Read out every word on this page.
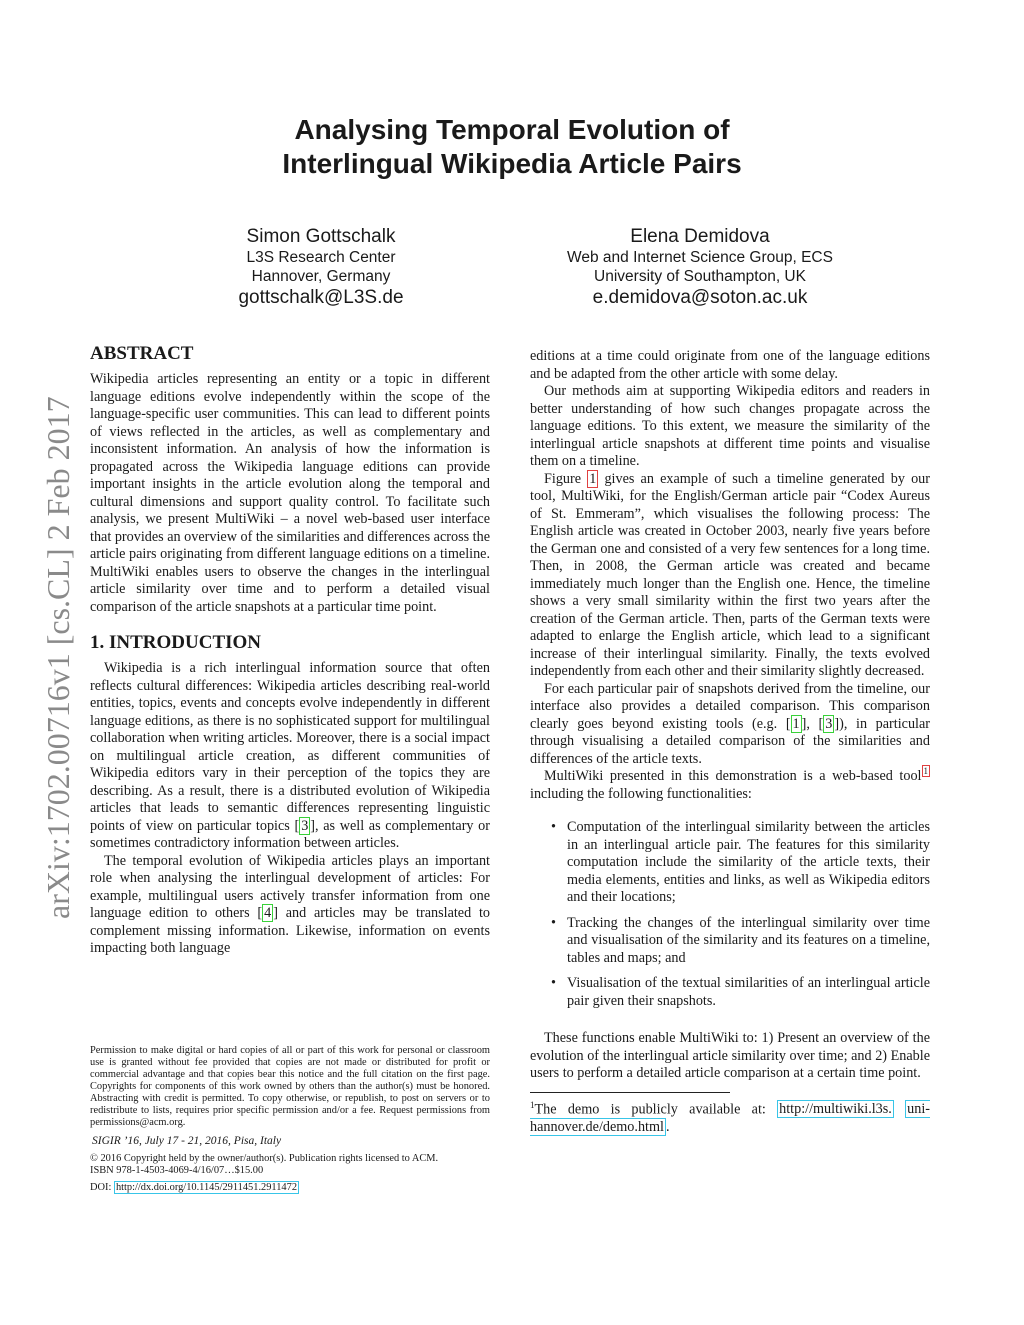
arXiv:1702.00716v1 [cs.CL] 2 Feb 2017
Analysing Temporal Evolution of
Interlingual Wikipedia Article Pairs
Simon Gottschalk
L3S Research Center
Hannover, Germany
gottschalk@L3S.de
Elena Demidova
Web and Internet Science Group, ECS
University of Southampton, UK
e.demidova@soton.ac.uk
ABSTRACT

Wikipedia articles representing an entity or a topic in different language editions evolve independently within the scope of the language-specific user communities. This can lead to different points of views reflected in the articles, as well as complementary and inconsistent information. An analysis of how the information is propagated across the Wikipedia language editions can provide important insights in the article evolution along the temporal and cultural dimensions and support quality control. To facilitate such analysis, we present MultiWiki – a novel web-based user interface that provides an overview of the similarities and differences across the article pairs originating from different language editions on a timeline. MultiWiki enables users to observe the changes in the interlingual article similarity over time and to perform a detailed visual comparison of the article snapshots at a particular time point.

1. INTRODUCTION

Wikipedia is a rich interlingual information source that often reflects cultural differences: Wikipedia articles describing real-world entities, topics, events and concepts evolve independently in different language editions, as there is no sophisticated support for multilingual collaboration when writing articles. Moreover, there is a social impact on multilingual article creation, as different communities of Wikipedia editors vary in their perception of the topics they are describing. As a result, there is a distributed evolution of Wikipedia articles that leads to semantic differences representing linguistic points of view on particular topics [ 3 ], as well as complementary or sometimes contradictory information between articles.

The temporal evolution of Wikipedia articles plays an important role when analysing the interlingual development of articles: For example, multilingual users actively transfer information from one language edition to others [ 4 ] and articles may be translated to complement missing information. Likewise, information on events impacting both language

Permission to make digital or hard copies of all or part of this work for personal or classroom use is granted without fee provided that copies are not made or distributed for profit or commercial advantage and that copies bear this notice and the full citation on the first page. Copyrights for components of this work owned by others than the author(s) must be honored. Abstracting with credit is permitted. To copy otherwise, or republish, to post on servers or to redistribute to lists, requires prior specific permission and/or a fee. Request permissions from permissions@acm.org.
SIGIR ’16, July 17 - 21, 2016, Pisa, Italy
© 2016 Copyright held by the owner/author(s). Publication rights licensed to ACM.
ISBN 978-1-4503-4069-4/16/07…$15.00
DOI: http://dx.doi.org/10.1145/2911451.2911472

editions at a time could originate from one of the language editions and be adapted from the other article with some delay.

Our methods aim at supporting Wikipedia editors and readers in better understanding of how such changes propagate across the language editions. To this extent, we measure the similarity of the interlingual article snapshots at different time points and visualise them on a timeline.

Figure 1 gives an example of such a timeline generated by our tool, MultiWiki, for the English/German article pair “Codex Aureus of St. Emmeram”, which visualises the following process: The English article was created in October 2003, nearly five years before the German one and consisted of a very few sentences for a long time. Then, in 2008, the German article was created and became immediately much longer than the English one. Hence, the timeline shows a very small similarity within the first two years after the creation of the German article. Then, parts of the German texts were adapted to enlarge the English article, which lead to a significant increase of their interlingual similarity. Finally, the texts evolved independently from each other and their similarity slightly decreased.

For each particular pair of snapshots derived from the timeline, our interface also provides a detailed comparison. This comparison clearly goes beyond existing tools (e.g. [ 1 ], [ 3 ]), in particular through visualising a detailed comparison of the similarities and differences of the article texts.

MultiWiki presented in this demonstration is a web-based tool $^1$ including the following functionalities:

• Computation of the interlingual similarity between the articles in an interlingual article pair. The features for this similarity computation include the similarity of the article texts, their media elements, entities and links, as well as Wikipedia editors and their locations;
• Tracking the changes of the interlingual similarity over time and visualisation of the similarity and its features on a timeline, tables and maps; and
• Visualisation of the textual similarities of an interlingual article pair given their snapshots.

These functions enable MultiWiki to: 1) Present an overview of the evolution of the interlingual article similarity over time; and 2) Enable users to perform a detailed article comparison at a certain time point.

$^1$The demo is publicly available at: http://multiwiki.l3s. uni-hannover.de/demo.html .
